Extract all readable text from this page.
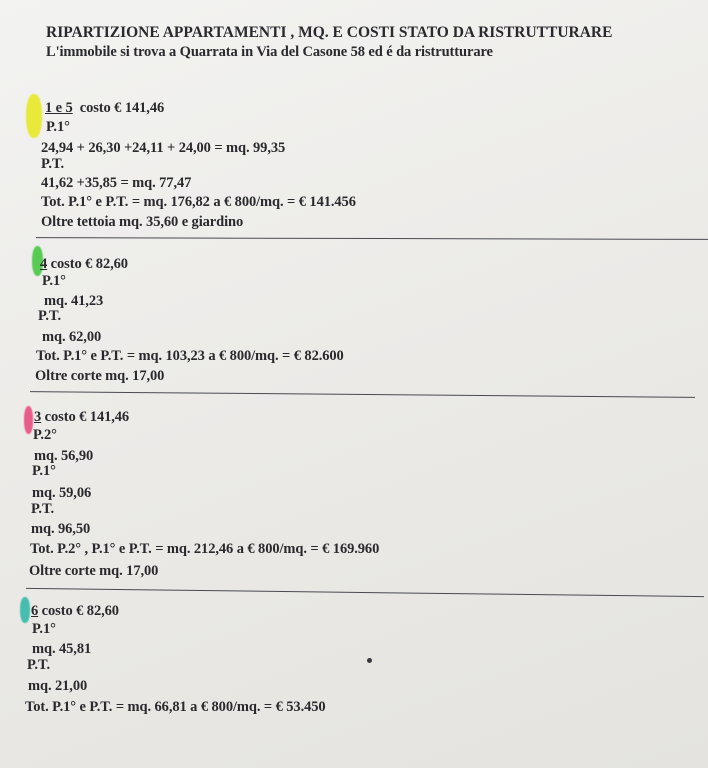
RIPARTIZIONE APPARTAMENTI , MQ. E COSTI STATO DA RISTRUTTURARE
L'immobile si trova a Quarrata in Via del Casone 58 ed é da ristrutturare
1 e 5 costo € 141,46
P.1°
24,94 + 26,30 +24,11 + 24,00 = mq. 99,35
P.T.
41,62 +35,85 = mq. 77,47
Tot. P.1° e P.T. = mq. 176,82 a € 800/mq. = € 141.456
Oltre tettoia mq. 35,60 e giardino
4 costo € 82,60
P.1°
mq. 41,23
P.T.
mq. 62,00
Tot. P.1° e P.T. = mq. 103,23 a € 800/mq. = € 82.600
Oltre corte mq. 17,00
3 costo € 141,46
P.2°
mq. 56,90
P.1°
mq. 59,06
P.T.
mq. 96,50
Tot. P.2° , P.1° e P.T. = mq. 212,46 a € 800/mq. = € 169.960
Oltre corte mq. 17,00
6 costo € 82,60
P.1°
mq. 45,81
P.T.
mq. 21,00
Tot. P.1° e P.T. = mq. 66,81 a € 800/mq. = € 53.450
